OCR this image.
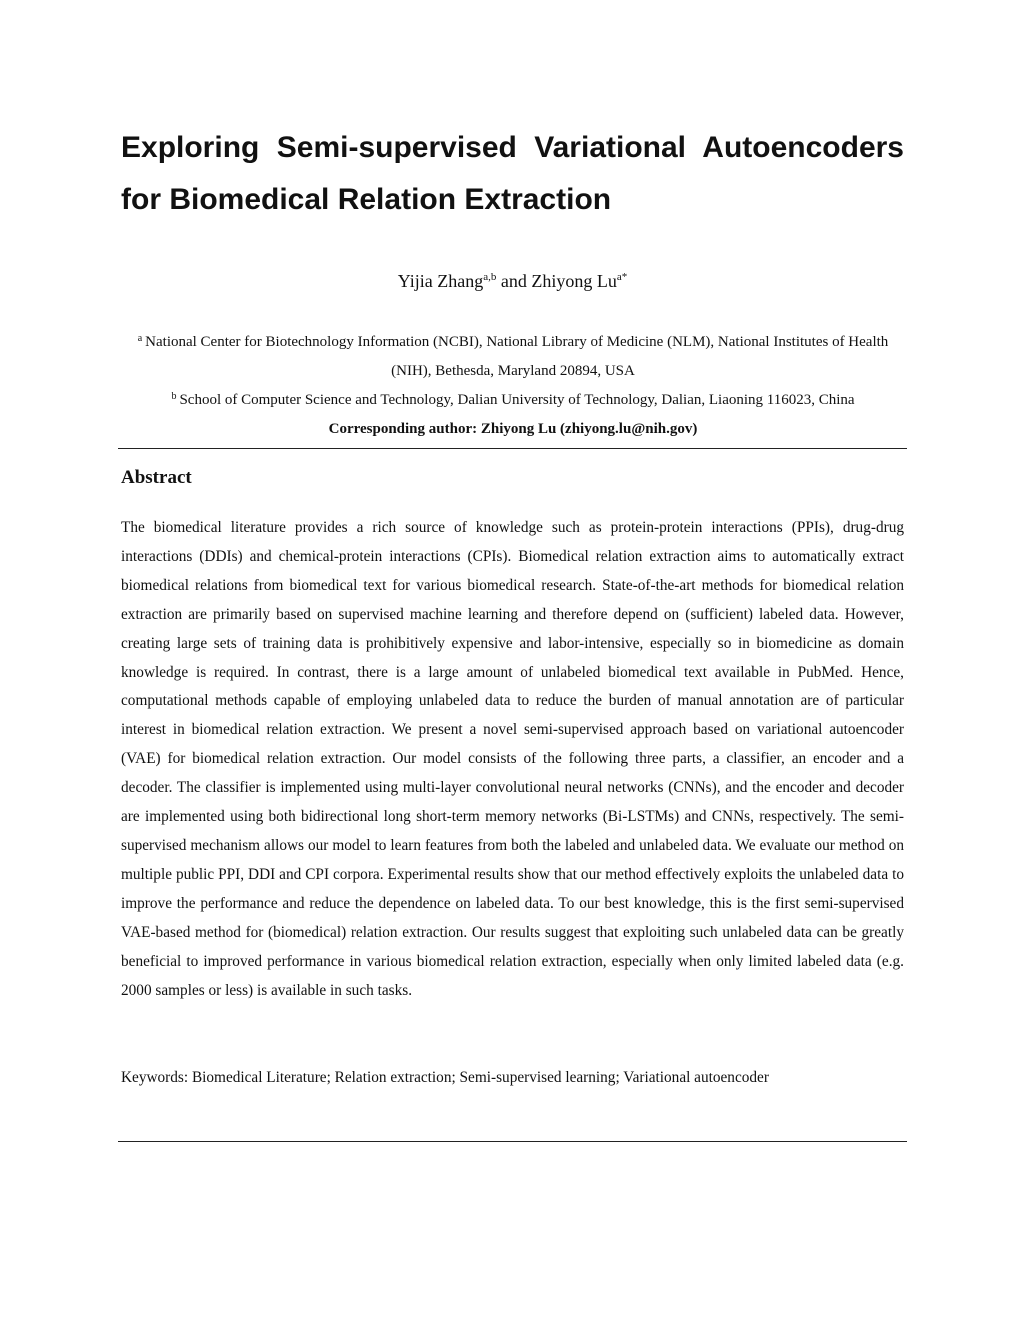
Exploring Semi-supervised Variational Autoencoders
for Biomedical Relation Extraction
Yijia Zhang$^{a,b}$ and Zhiyong $Lu^{a*}$
$^a$ National Center for Biotechnology Information (NCBI), National Library of Medicine (NLM), National Institutes of Health (NIH), Bethesda, Maryland 20894, USA
$^b$ School of Computer Science and Technology, Dalian University of Technology, Dalian, Liaoning 116023, China
Corresponding author: Zhiyong Lu (zhiyong.lu@nih.gov)
Abstract

The biomedical literature provides a rich source of knowledge such as protein-protein interactions (PPIs), drug-drug interactions (DDIs) and chemical-protein interactions (CPIs). Biomedical relation extraction aims to automatically extract biomedical relations from biomedical text for various biomedical research. State-of-the-art methods for biomedical relation extraction are primarily based on supervised machine learning and therefore depend on (sufficient) labeled data. However, creating large sets of training data is prohibitively expensive and labor-intensive, especially so in biomedicine as domain knowledge is required. In contrast, there is a large amount of unlabeled biomedical text available in PubMed. Hence, computational methods capable of employing unlabeled data to reduce the burden of manual annotation are of particular interest in biomedical relation extraction. We present a novel semi-supervised approach based on variational autoencoder (VAE) for biomedical relation extraction. Our model consists of the following three parts, a classifier, an encoder and a decoder. The classifier is implemented using multi-layer convolutional neural networks (CNNs), and the encoder and decoder are implemented using both bidirectional long short-term memory networks (Bi-LSTMs) and CNNs, respectively. The semi-supervised mechanism allows our model to learn features from both the labeled and unlabeled data. We evaluate our method on multiple public PPI, DDI and CPI corpora. Experimental results show that our method effectively exploits the unlabeled data to improve the performance and reduce the dependence on labeled data. To our best knowledge, this is the first semi-supervised VAE-based method for (biomedical) relation extraction. Our results suggest that exploiting such unlabeled data can be greatly beneficial to improved performance in various biomedical relation extraction, especially when only limited labeled data (e.g. 2000 samples or less) is available in such tasks.

Keywords: Biomedical Literature; Relation extraction; Semi-supervised learning; Variational autoencoder
